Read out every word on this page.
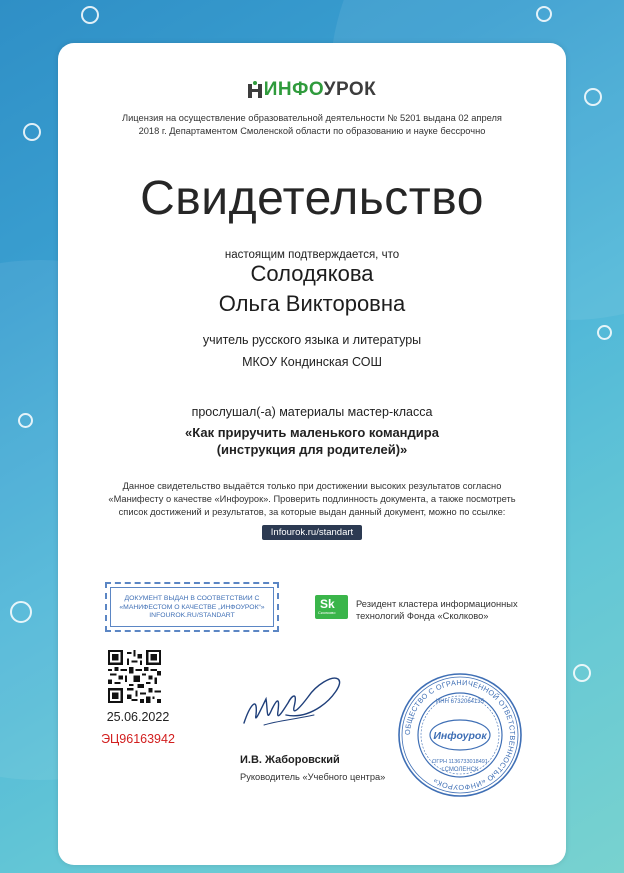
ИНФОУРОК
Лицензия на осуществление образовательной деятельности № 5201 выдана 02 апреля
2018 г. Департаментом Смоленской области по образованию и науке бессрочно
Свидетельство
настоящим подтверждается, что
Солодякова
Ольга Викторовна
учитель русского языка и литературы
МКОУ Кондинская СОШ
прослушал(-а) материалы мастер-класса
«Как приручить маленького командира
(инструкция для родителей)»
Данное свидетельство выдаётся только при достижении высоких результатов согласно
«Манифесту о качестве «Инфоурок». Проверить подлинность документа, а также посмотреть
список достижений и результатов, за которые выдан данный документ, можно по ссылке:
Infourok.ru/standart
ДОКУМЕНТ ВЫДАН В СООТВЕТСТВИИ С
«МАНИФЕСТОМ О КАЧЕСТВЕ „ИНФОУРОК“»
INFOUROK.RU/STANDART
Sk
Сколково
Резидент кластера информационных
технологий Фонда «Сколково»
25.06.2022
ЭЦ96163942
И.В. Жаборовский
Руководитель «Учебного центра»
ОБЩЕСТВО С ОГРАНИЧЕННОЙ ОТВЕТСТВЕННОСТЬЮ «ИНФОУРОК»
ИНН 6732064135
Инфоурок
ОГРН 1136733018491
г.СМОЛЕНСК
